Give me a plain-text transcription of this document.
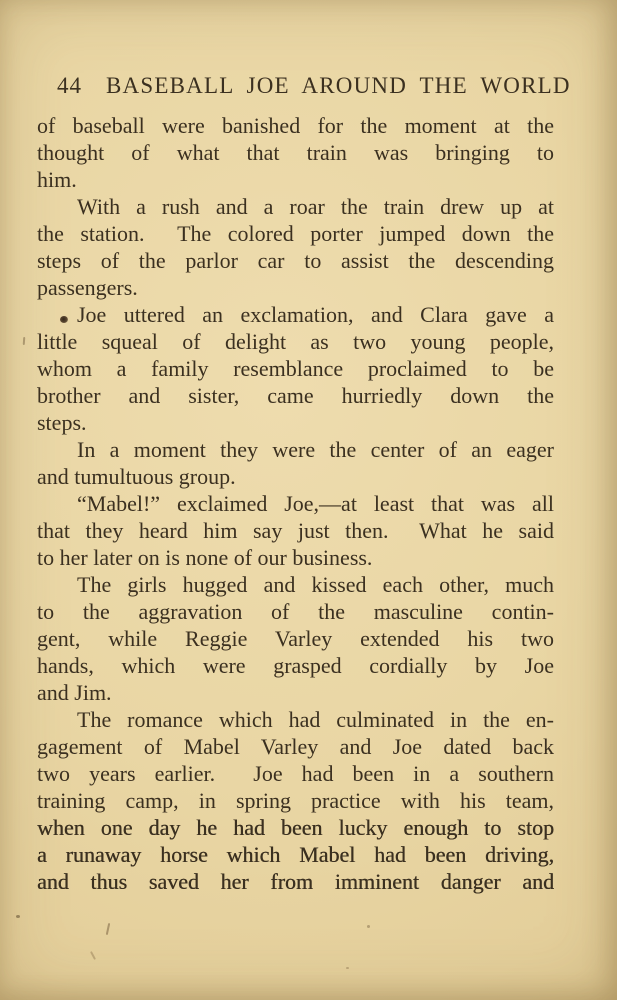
44 BASEBALL JOE AROUND THE WORLD
of baseball were banished for the moment at the
thought of what that train was bringing to
him.
With a rush and a roar the train drew up at
the station.  The colored porter jumped down the
steps of the parlor car to assist the descending
passengers.
Joe uttered an exclamation, and Clara gave a
little squeal of delight as two young people,
whom a family resemblance proclaimed to be
brother and sister, came hurriedly down the
steps.
In a moment they were the center of an eager
and tumultuous group.
“Mabel!” exclaimed Joe,—at least that was all
that they heard him say just then.  What he said
to her later on is none of our business.
The girls hugged and kissed each other, much
to the aggravation of the masculine contin-
gent, while Reggie Varley extended his two
hands, which were grasped cordially by Joe
and Jim.
The romance which had culminated in the en-
gagement of Mabel Varley and Joe dated back
two years earlier.  Joe had been in a southern
training camp, in spring practice with his team,
when one day he had been lucky enough to stop
a runaway horse which Mabel had been driving,
and thus saved her from imminent danger and
